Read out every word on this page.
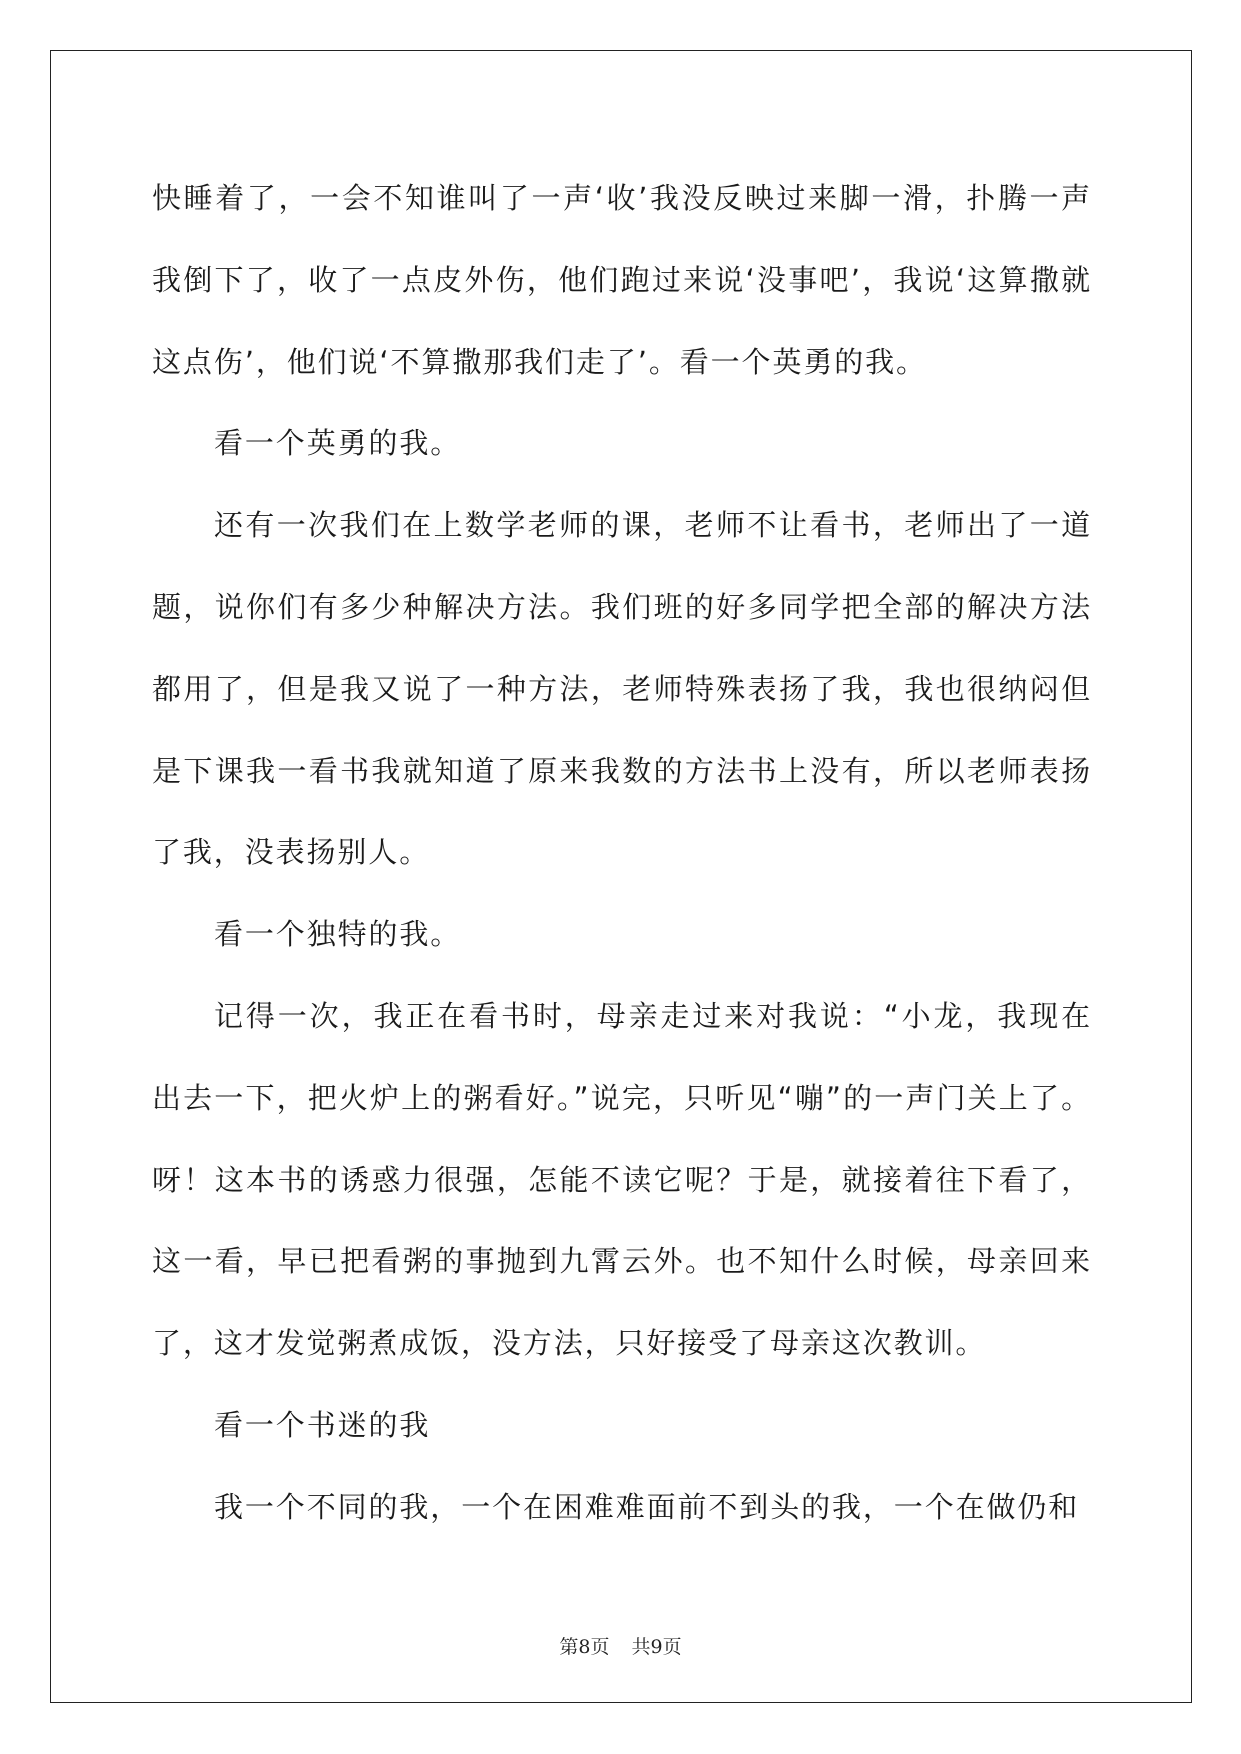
快睡着了，一会不知谁叫了一声‘收’我没反映过来脚一滑，扑腾一声我倒下了，收了一点皮外伤，他们跑过来说‘没事吧’，我说‘这算撒就这点伤’，他们说‘不算撒那我们走了’。看一个英勇的我。

看一个英勇的我。

还有一次我们在上数学老师的课，老师不让看书，老师出了一道题，说你们有多少种解决方法。我们班的好多同学把全部的解决方法都用了，但是我又说了一种方法，老师特殊表扬了我，我也很纳闷但是下课我一看书我就知道了原来我数的方法书上没有，所以老师表扬了我，没表扬别人。

看一个独特的我。

记得一次，我正在看书时，母亲走过来对我说：“小龙，我现在出去一下，把火炉上的粥看好。”说完，只听见“嘣”的一声门关上了。呀！这本书的诱惑力很强，怎能不读它呢？于是，就接着往下看了，这一看，早已把看粥的事抛到九霄云外。也不知什么时候，母亲回来了，这才发觉粥煮成饭，没方法，只好接受了母亲这次教训。

看一个书迷的我

我一个不同的我，一个在困难难面前不到头的我，一个在做仍和

第8页 共9页
